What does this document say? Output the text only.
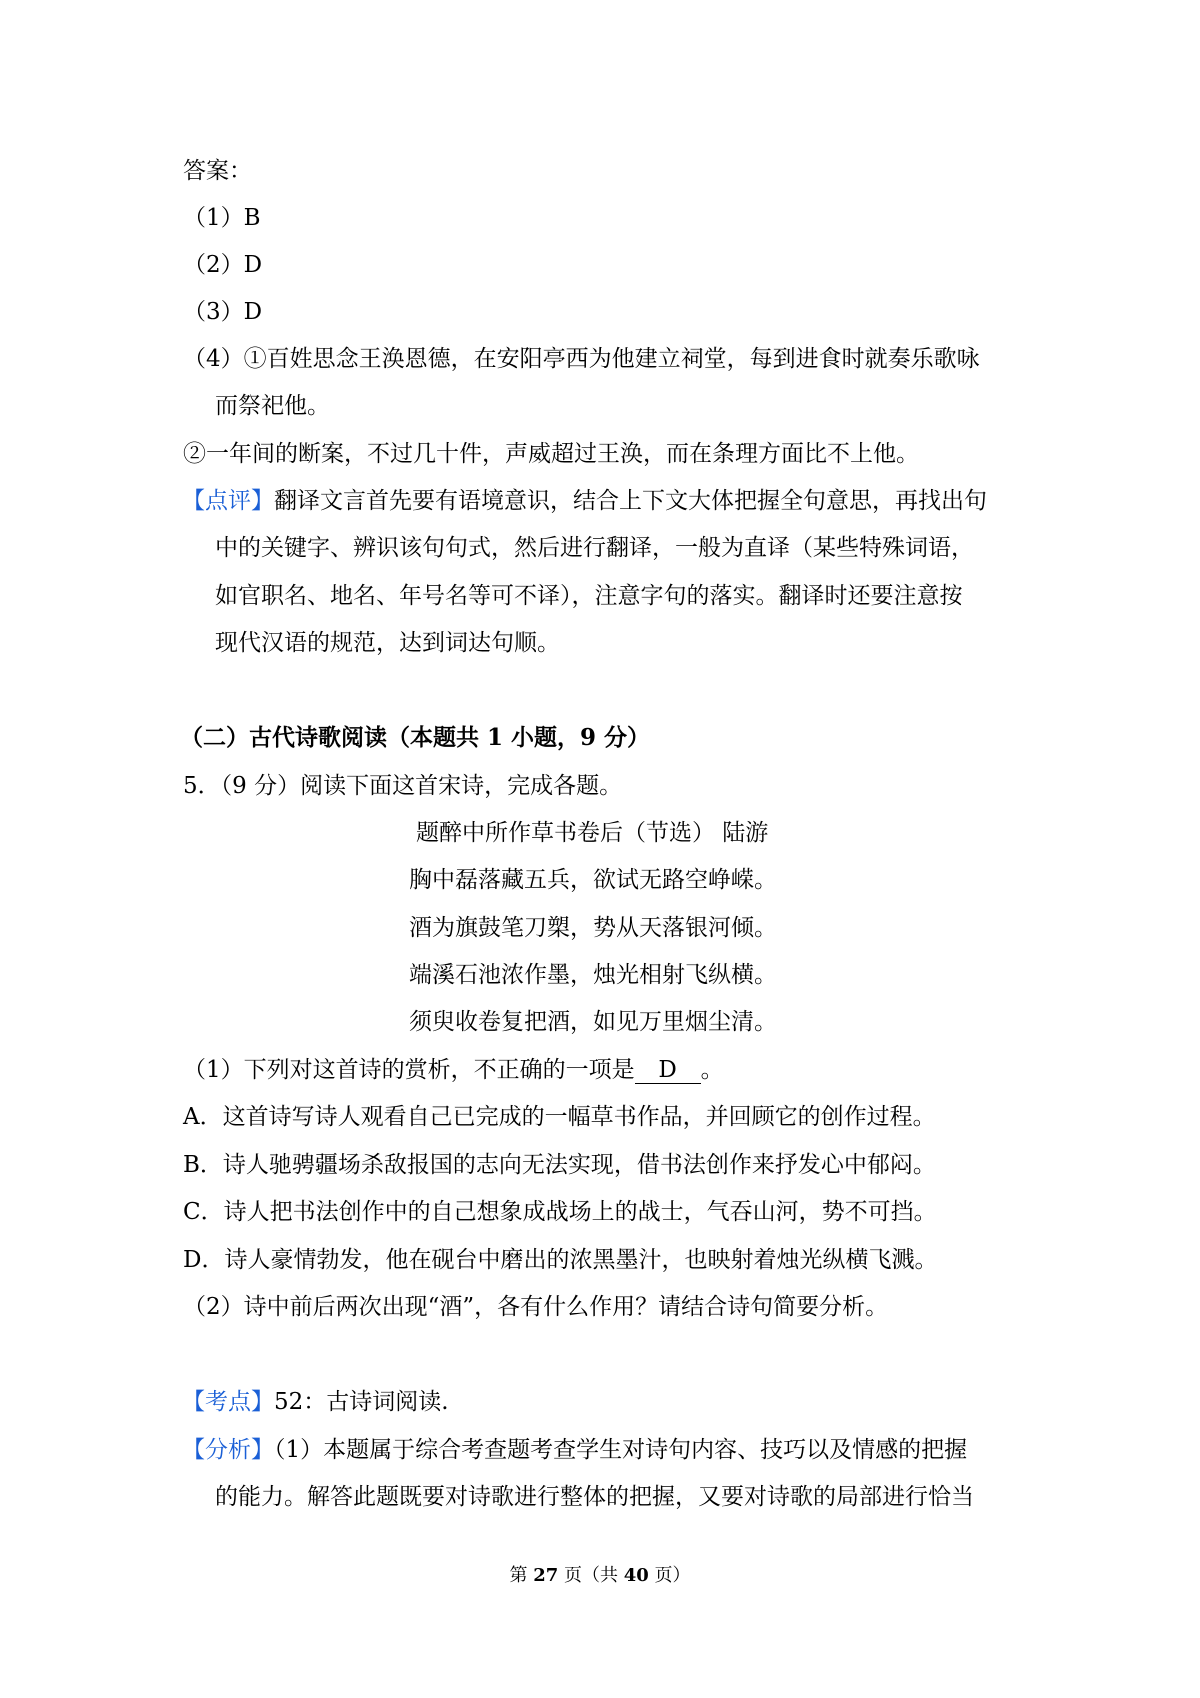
答案：
（1）B
（2）D
（3）D
（4）①百姓思念王涣恩德，在安阳亭西为他建立祠堂，每到进食时就奏乐歌咏
而祭祀他。
②一年间的断案，不过几十件，声威超过王涣，而在条理方面比不上他。
【点评】翻译文言首先要有语境意识，结合上下文大体把握全句意思，再找出句
中的关键字、辨识该句句式，然后进行翻译，一般为直译（某些特殊词语，
如官职名、地名、年号名等可不译），注意字句的落实。翻译时还要注意按
现代汉语的规范，达到词达句顺。
（二）古代诗歌阅读（本题共 1 小题，9 分）
5．（9 分）阅读下面这首宋诗，完成各题。
题醉中所作草书卷后（节选） 陆游
胸中磊落藏五兵，欲试无路空峥嵘。
酒为旗鼓笔刀槊，势从天落银河倾。
端溪石池浓作墨，烛光相射飞纵横。
须臾收卷复把酒，如见万里烟尘清。
（1）下列对这首诗的赏析，不正确的一项是 D 。
A．这首诗写诗人观看自己已完成的一幅草书作品，并回顾它的创作过程。
B．诗人驰骋疆场杀敌报国的志向无法实现，借书法创作来抒发心中郁闷。
C．诗人把书法创作中的自己想象成战场上的战士，气吞山河，势不可挡。
D．诗人豪情勃发，他在砚台中磨出的浓黑墨汁，也映射着烛光纵横飞溅。
（2）诗中前后两次出现“酒”，各有什么作用？请结合诗句简要分析。
【考点】52：古诗词阅读.
【分析】（1）本题属于综合考查题考查学生对诗句内容、技巧以及情感的把握
的能力。解答此题既要对诗歌进行整体的把握，又要对诗歌的局部进行恰当
第 27 页（共 40 页）
